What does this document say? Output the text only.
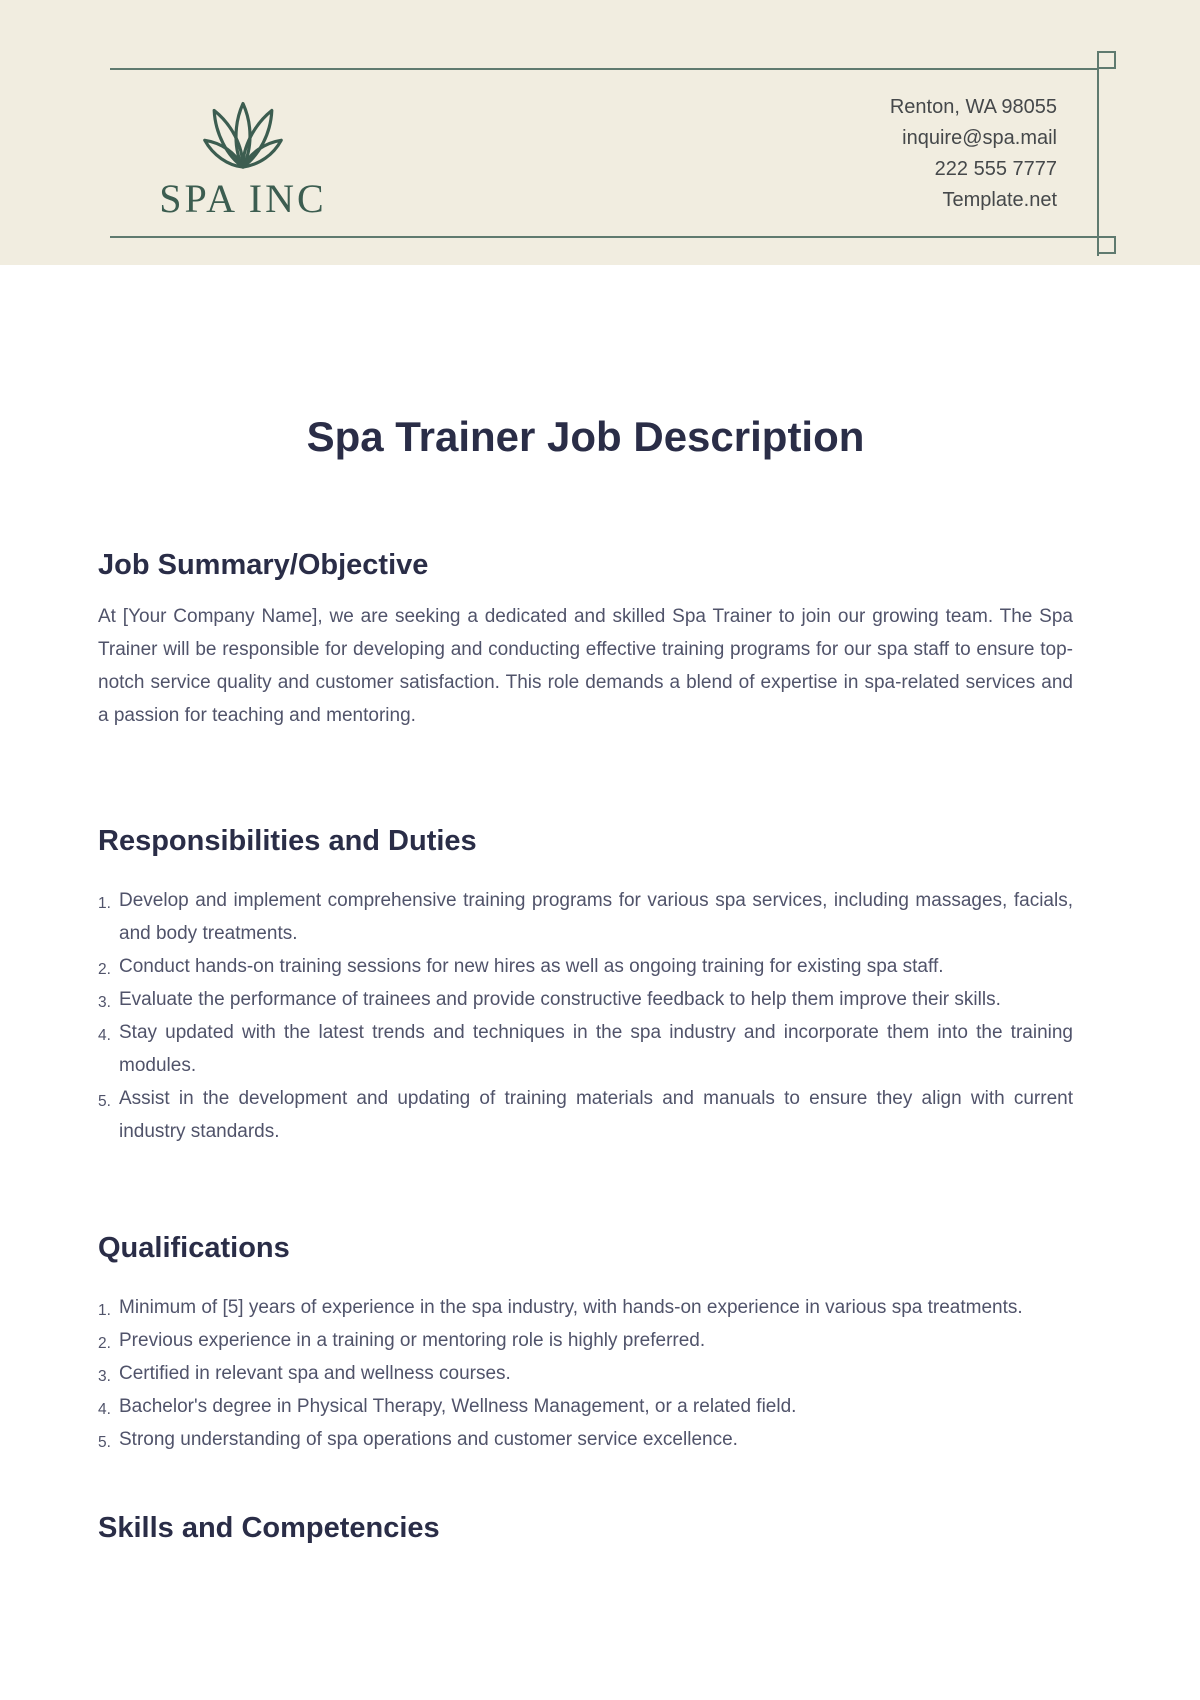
SPA INC
Renton, WA 98055
inquire@spa.mail
222 555 7777
Template.net
Spa Trainer Job Description
Job Summary/Objective

At [Your Company Name], we are seeking a dedicated and skilled Spa Trainer to join our growing team. The Spa Trainer will be responsible for developing and conducting effective training programs for our spa staff to ensure top-notch service quality and customer satisfaction. This role demands a blend of expertise in spa-related services and a passion for teaching and mentoring.

Responsibilities and Duties
Develop and implement comprehensive training programs for various spa services, including massages, facials, and body treatments.
Conduct hands-on training sessions for new hires as well as ongoing training for existing spa staff.
Evaluate the performance of trainees and provide constructive feedback to help them improve their skills.
Stay updated with the latest trends and techniques in the spa industry and incorporate them into the training modules.
Assist in the development and updating of training materials and manuals to ensure they align with current industry standards.
Qualifications
Minimum of [5] years of experience in the spa industry, with hands-on experience in various spa treatments.
Previous experience in a training or mentoring role is highly preferred.
Certified in relevant spa and wellness courses.
Bachelor's degree in Physical Therapy, Wellness Management, or a related field.
Strong understanding of spa operations and customer service excellence.
Skills and Competencies
